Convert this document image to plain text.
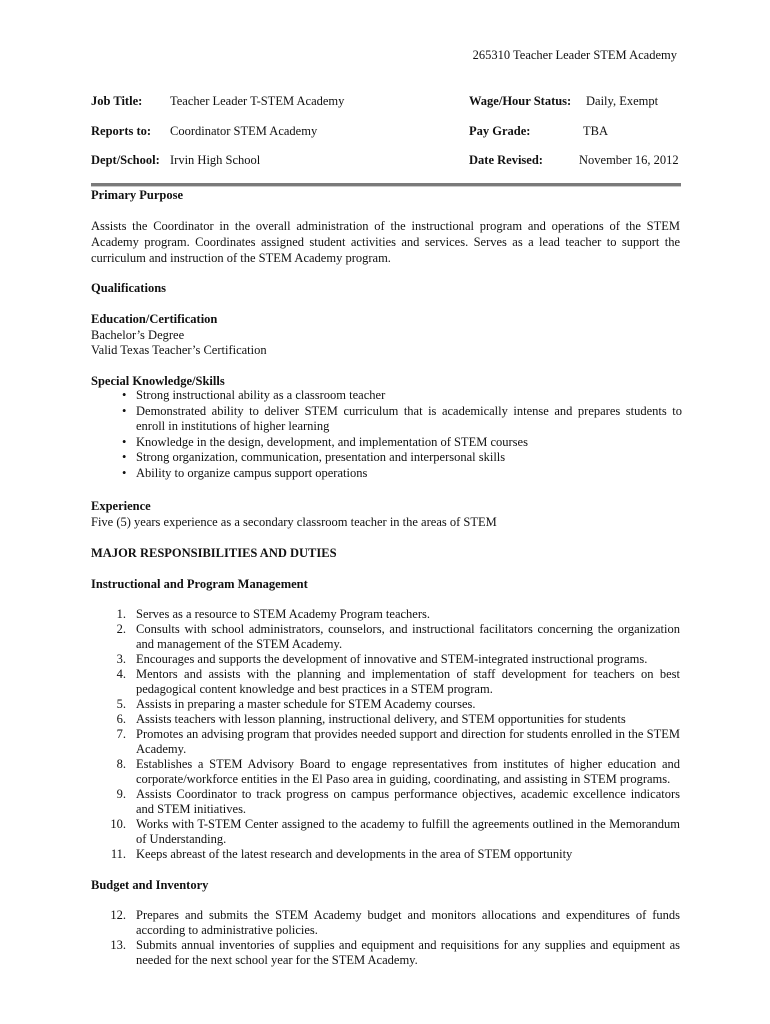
265310 Teacher Leader STEM Academy
Job Title: Teacher Leader T-STEM Academy	Wage/Hour Status: Daily, Exempt
Reports to: Coordinator STEM Academy	Pay Grade:	TBA
Dept/School: Irvin High School	Date Revised:	November 16, 2012
Primary Purpose
Assists the Coordinator in the overall administration of the instructional program and operations of the STEM Academy program. Coordinates assigned student activities and services. Serves as a lead teacher to support the curriculum and instruction of the STEM Academy program.
Qualifications
Education/Certification
Bachelor’s Degree
Valid Texas Teacher’s Certification
Special Knowledge/Skills
• Strong instructional ability as a classroom teacher
• Demonstrated ability to deliver STEM curriculum that is academically intense and prepares students to enroll in institutions of higher learning
• Knowledge in the design, development, and implementation of STEM courses
• Strong organization, communication, presentation and interpersonal skills
• Ability to organize campus support operations
Experience
Five (5) years experience as a secondary classroom teacher in the areas of STEM
MAJOR RESPONSIBILITIES AND DUTIES
Instructional and Program Management
1. Serves as a resource to STEM Academy Program teachers.
2. Consults with school administrators, counselors, and instructional facilitators concerning the organization and management of the STEM Academy.
3. Encourages and supports the development of innovative and STEM-integrated instructional programs.
4. Mentors and assists with the planning and implementation of staff development for teachers on best pedagogical content knowledge and best practices in a STEM program.
5. Assists in preparing a master schedule for STEM Academy courses.
6. Assists teachers with lesson planning, instructional delivery, and STEM opportunities for students
7. Promotes an advising program that provides needed support and direction for students enrolled in the STEM Academy.
8. Establishes a STEM Advisory Board to engage representatives from institutes of higher education and corporate/workforce entities in the El Paso area in guiding, coordinating, and assisting in STEM programs.
9. Assists Coordinator to track progress on campus performance objectives, academic excellence indicators and STEM initiatives.
10. Works with T-STEM Center assigned to the academy to fulfill the agreements outlined in the Memorandum of Understanding.
11. Keeps abreast of the latest research and developments in the area of STEM opportunity
Budget and Inventory
12. Prepares and submits the STEM Academy budget and monitors allocations and expenditures of funds according to administrative policies.
13. Submits annual inventories of supplies and equipment and requisitions for any supplies and equipment as needed for the next school year for the STEM Academy.
